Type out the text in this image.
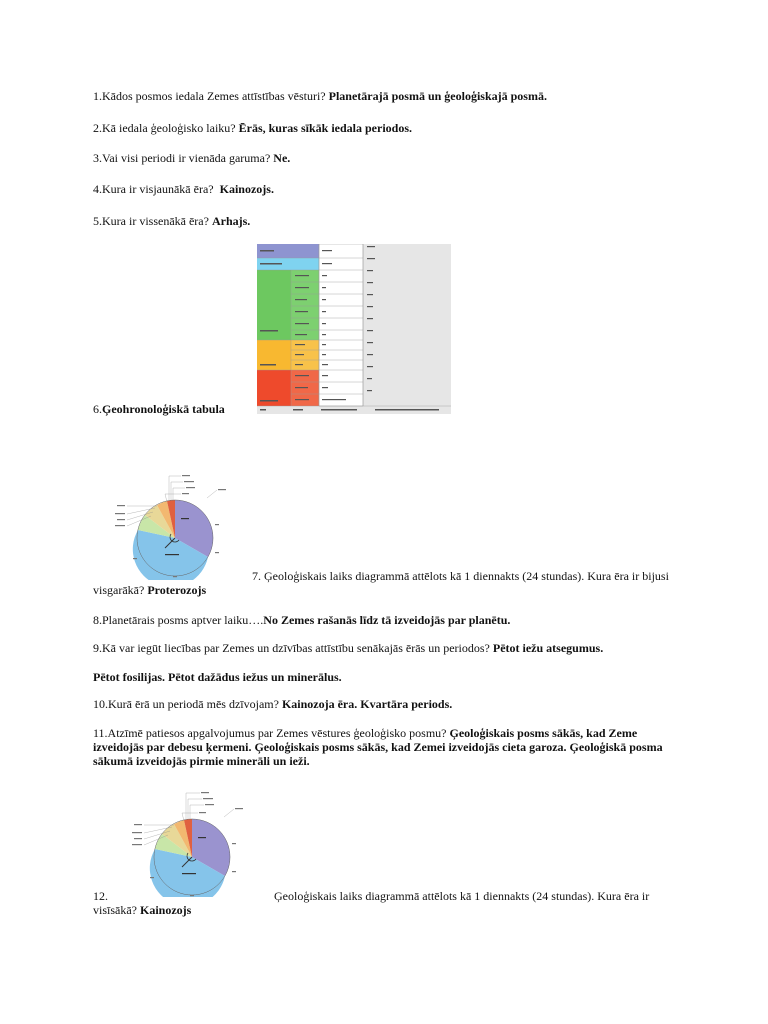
1.Kādos posmos iedala Zemes attīstības vēsturi? Planetārajā posmā un ģeoloģiskajā posmā.
2.Kā iedala ģeoloģisko laiku? Ērās, kuras sīkāk iedala periodos.
3.Vai visi periodi ir vienāda garuma? Ne.
4.Kura ir visjaunākā ēra?  Kainozojs.
5.Kura ir vissenākā ēra? Arhajs.
6.Ģeohronoloģiskā tabula
7. Ģeoloģiskais laiks diagrammā attēlots kā 1 diennakts (24 stundas). Kura ēra ir bijusi visgarākā? Proterozojs
8.Planetārais posms aptver laiku….No Zemes rašanās līdz tā izveidojās par planētu.
9.Kā var iegūt liecības par Zemes un dzīvības attīstību senākajās ērās un periodos? Pētot iežu atsegumus.
Pētot fosilijas. Pētot dažādus iežus un minerālus.
10.Kurā ērā un periodā mēs dzīvojam? Kainozoja ēra. Kvartāra periods.
11.Atzīmē patiesos apgalvojumus par Zemes vēstures ģeoloģisko posmu? Ģeoloģiskais posms sākās, kad Zeme izveidojās par debesu ķermeni. Ģeoloģiskais posms sākās, kad Zemei izveidojās cieta garoza. Ģeoloģiskā posma sākumā izveidojās pirmie minerāli un ieži.
12.	Ģeoloģiskais laiks diagrammā attēlots kā 1 diennakts (24 stundas). Kura ēra ir visīsākā? Kainozojs
